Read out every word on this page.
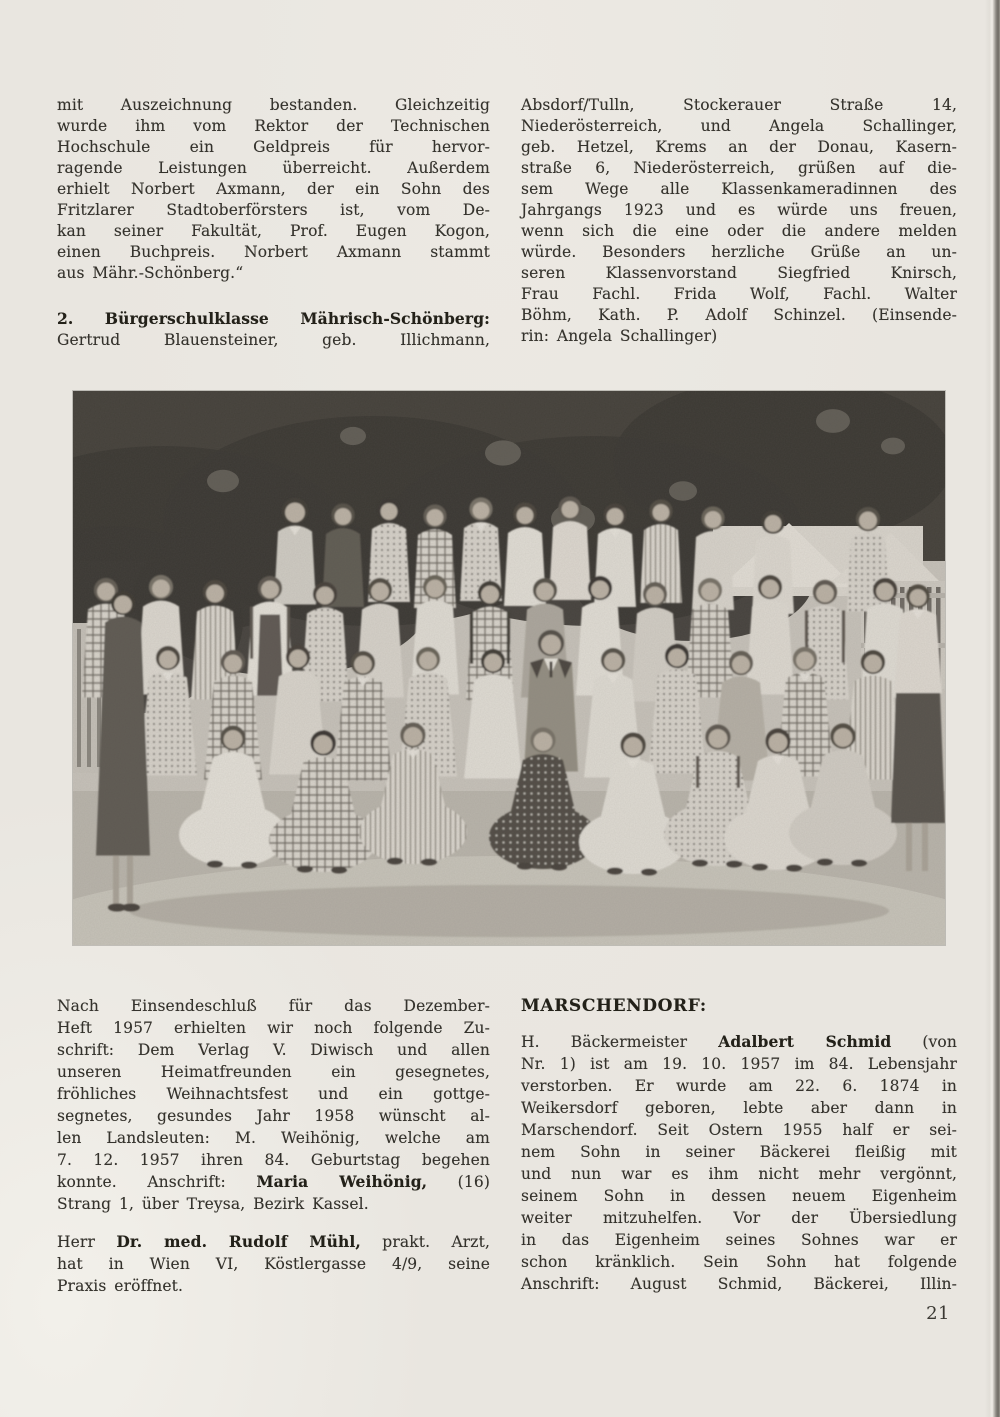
mit Auszeichnung bestanden. Gleichzeitig
wurde ihm vom Rektor der Technischen
Hochschule ein Geldpreis für hervor-
ragende Leistungen überreicht. Außerdem
erhielt Norbert Axmann, der ein Sohn des
Fritzlarer Stadtoberförsters ist, vom De-
kan seiner Fakultät, Prof. Eugen Kogon,
einen Buchpreis. Norbert Axmann stammt
aus Mähr.-Schönberg.“
2. Bürgerschulklasse Mährisch-Schönberg:
Gertrud Blauensteiner, geb. Illichmann,
Absdorf/Tulln, Stockerauer Straße 14,
Niederösterreich, und Angela Schallinger,
geb. Hetzel, Krems an der Donau, Kasern-
straße 6, Niederösterreich, grüßen auf die-
sem Wege alle Klassenkameradinnen des
Jahrgangs 1923 und es würde uns freuen,
wenn sich die eine oder die andere melden
würde. Besonders herzliche Grüße an un-
seren Klassenvorstand Siegfried Knirsch,
Frau Fachl. Frida Wolf, Fachl. Walter
Böhm, Kath. P. Adolf Schinzel. (Einsende-
rin: Angela Schallinger)
Nach Einsendeschluß für das Dezember-
Heft 1957 erhielten wir noch folgende Zu-
schrift: Dem Verlag V. Diwisch und allen
unseren Heimatfreunden ein gesegnetes,
fröhliches Weihnachtsfest und ein gottge-
segnetes, gesundes Jahr 1958 wünscht al-
len Landsleuten: M. Weihönig, welche am
7. 12. 1957 ihren 84. Geburtstag begehen
konnte. Anschrift: Maria Weihönig, (16)
Strang 1, über Treysa, Bezirk Kassel.
Herr Dr. med. Rudolf Mühl, prakt. Arzt,
hat in Wien VI, Köstlergasse 4/9, seine
Praxis eröffnet.
MARSCHENDORF:
H. Bäckermeister Adalbert Schmid (von
Nr. 1) ist am 19. 10. 1957 im 84. Lebensjahr
verstorben. Er wurde am 22. 6. 1874 in
Weikersdorf geboren, lebte aber dann in
Marschendorf. Seit Ostern 1955 half er sei-
nem Sohn in seiner Bäckerei fleißig mit
und nun war es ihm nicht mehr vergönnt,
seinem Sohn in dessen neuem Eigenheim
weiter mitzuhelfen. Vor der Übersiedlung
in das Eigenheim seines Sohnes war er
schon kränklich. Sein Sohn hat folgende
Anschrift: August Schmid, Bäckerei, Illin-
21
